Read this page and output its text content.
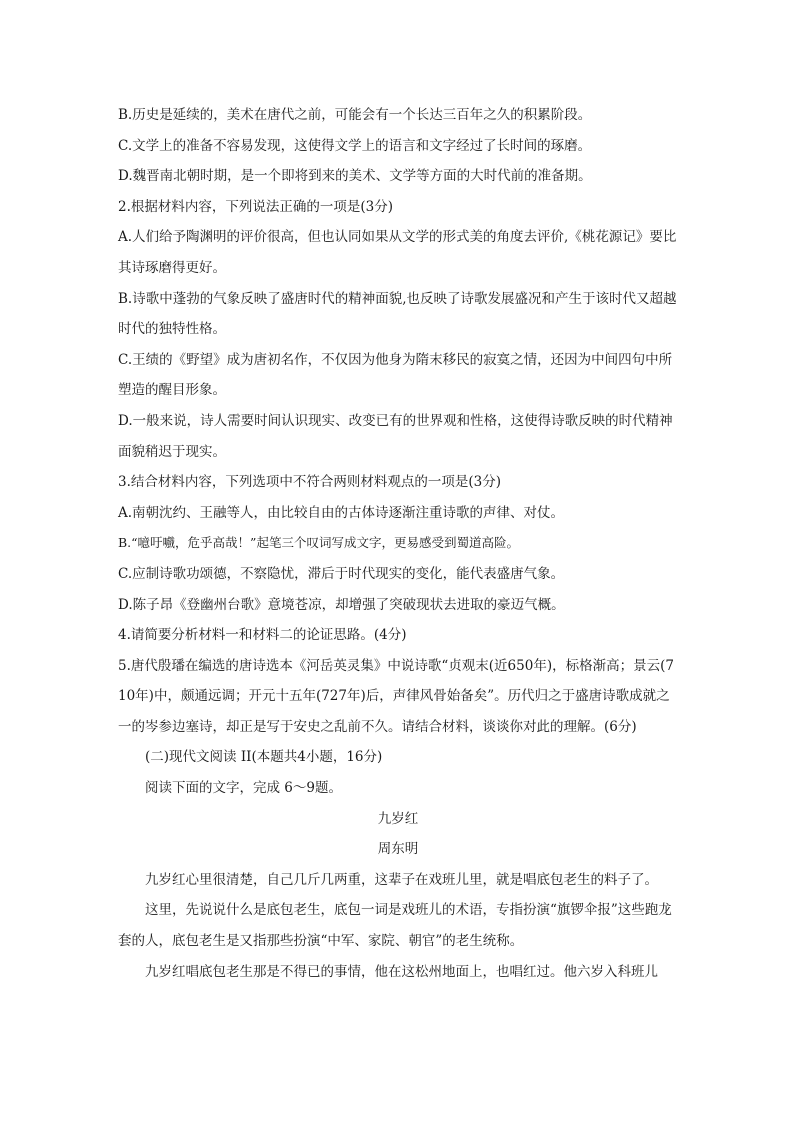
B.历史是延续的，美术在唐代之前，可能会有一个长达三百年之久的积累阶段。

C.文学上的准备不容易发现，这使得文学上的语言和文字经过了长时间的琢磨。

D.魏晋南北朝时期，是一个即将到来的美术、文学等方面的大时代前的准备期。

2.根据材料内容，下列说法正确的一项是(3分)

A.人们给予陶渊明的评价很高，但也认同如果从文学的形式美的角度去评价,《桃花源记》要比其诗琢磨得更好。

B.诗歌中蓬勃的气象反映了盛唐时代的精神面貌,也反映了诗歌发展盛况和产生于该时代又超越时代的独特性格。

C.王绩的《野望》成为唐初名作，不仅因为他身为隋末移民的寂寞之情，还因为中间四句中所塑造的醒目形象。

D.一般来说，诗人需要时间认识现实、改变已有的世界观和性格，这使得诗歌反映的时代精神面貌稍迟于现实。

3.结合材料内容，下列选项中不符合两则材料观点的一项是(3分)

A.南朝沈约、王融等人，由比较自由的古体诗逐渐注重诗歌的声律、对仗。

B.“噫吁嚱，危乎高哉！”起笔三个叹词写成文字，更易感受到蜀道高险。

C.应制诗歌功颂德，不察隐忧，滞后于时代现实的变化，能代表盛唐气象。

D.陈子昂《登幽州台歌》意境苍凉，却增强了突破现状去进取的豪迈气概。

4.请简要分析材料一和材料二的论证思路。(4分)

5.唐代殷璠在编选的唐诗选本《河岳英灵集》中说诗歌“贞观末(近650年)，标格渐高；景云(710年)中，颇通远调；开元十五年(727年)后，声律风骨始备矣”。历代归之于盛唐诗歌成就之一的岑参边塞诗，却正是写于安史之乱前不久。请结合材料，谈谈你对此的理解。(6分)

(二)现代文阅读 II(本题共4小题，16分)

阅读下面的文字，完成 6～9题。

九岁红

周东明

九岁红心里很清楚，自己几斤几两重，这辈子在戏班儿里，就是唱底包老生的料子了。

这里，先说说什么是底包老生，底包一词是戏班儿的术语，专指扮演“旗锣伞报”这些跑龙套的人，底包老生是又指那些扮演“中军、家院、朝官”的老生统称。

九岁红唱底包老生那是不得已的事情，他在这松州地面上，也唱红过。他六岁入科班儿
